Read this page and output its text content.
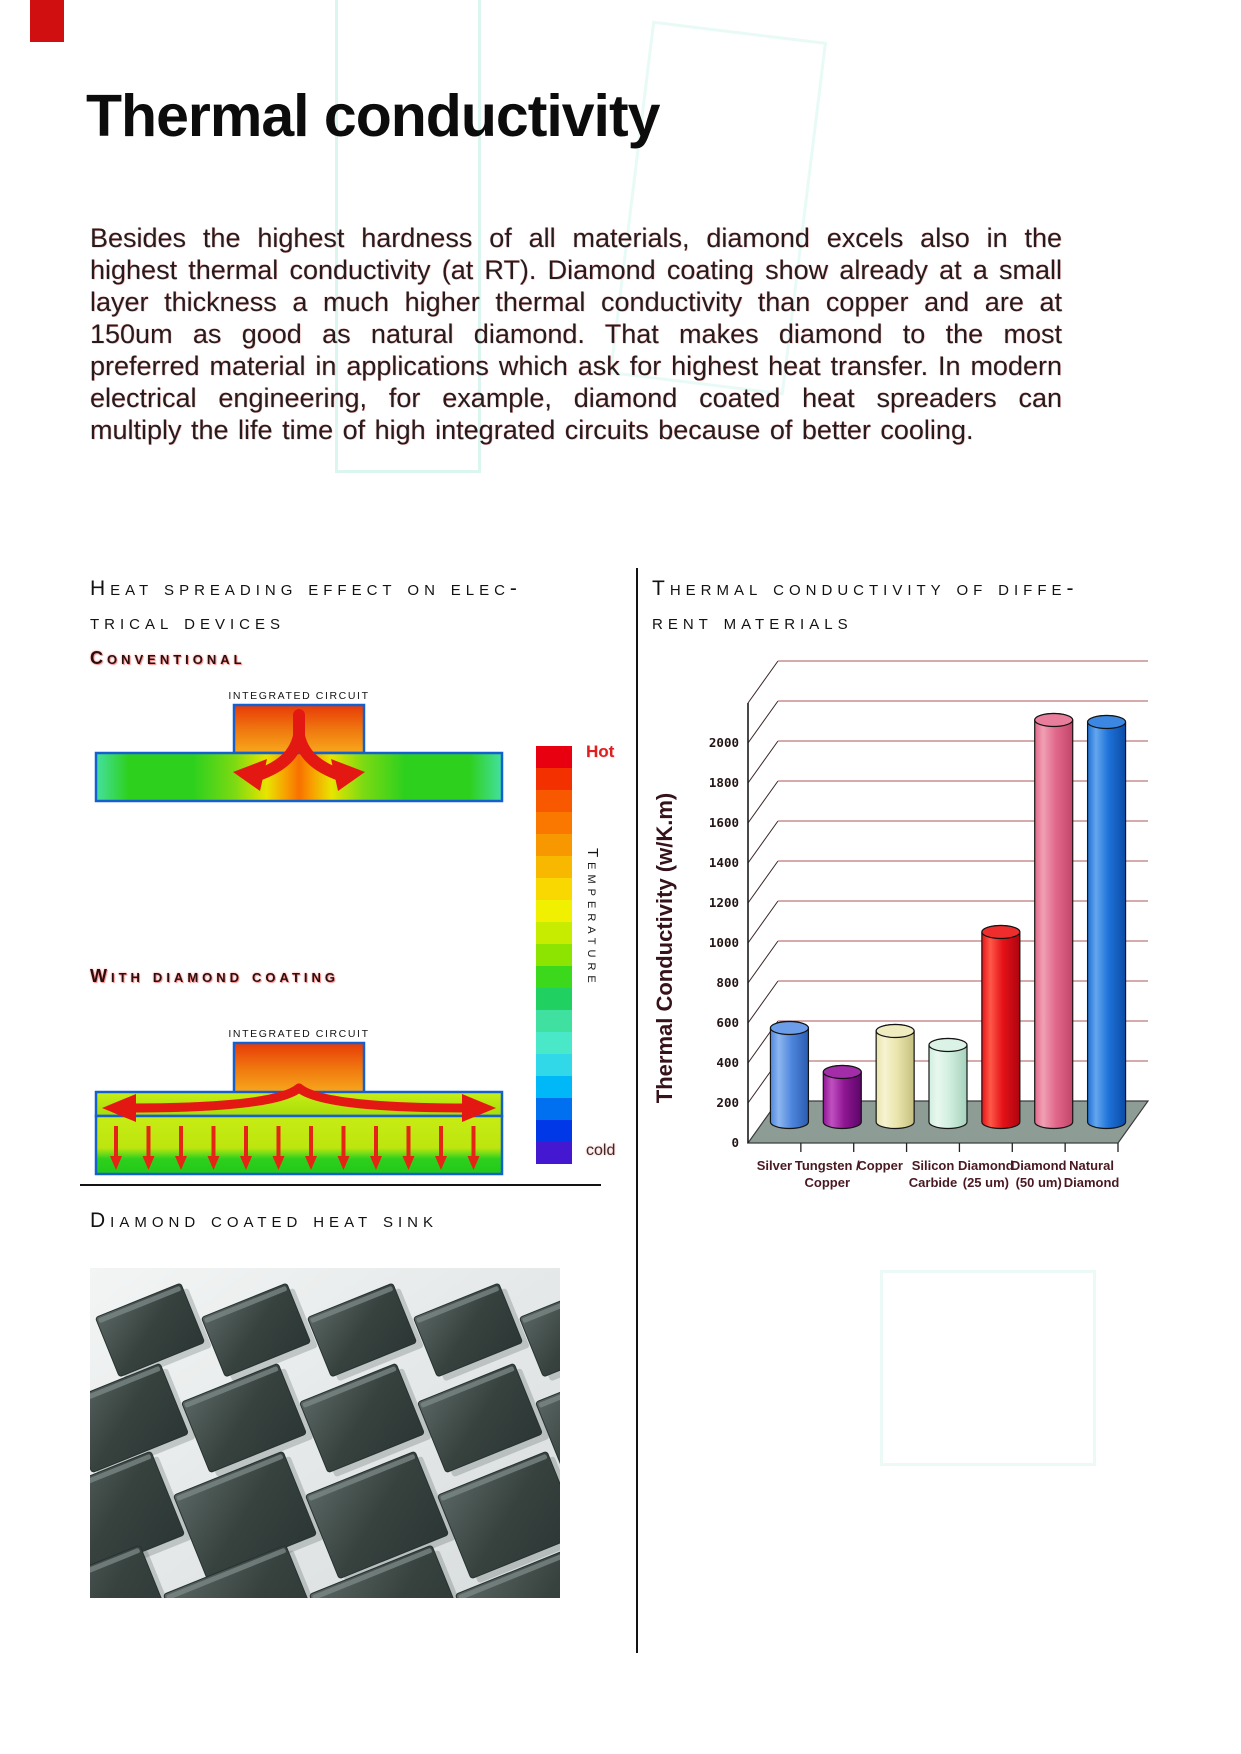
Thermal conductivity

Besides the highest hardness of all materials, diamond excels also in the highest thermal conductivity (at RT). Diamond coating show already at a small layer thickness a much higher thermal conductivity than copper and are at 150um as good as natural diamond. That makes diamond to the most preferred material in applications which ask for highest heat transfer. In modern electrical engineering, for example, diamond coated heat spreaders can multiply the life time of high integrated circuits because of better cooling.

Heat spreading effect on elec-
trical devices
Conventional
INTEGRATED CIRCUIT
With diamond coating
INTEGRATED CIRCUIT
Hot
Temperature
cold
Thermal conductivity of diffe-
rent materials
0
200
400
600
800
1000
1200
1400
1600
1800
2000
Silver Tungsten /
Copper
Copper Silicon
Carbide
Diamond
(25 um)
Diamond
(50 um)
Natural
Diamond
Thermal Conductivity (w/K.m)
Diamond coated heat sink
